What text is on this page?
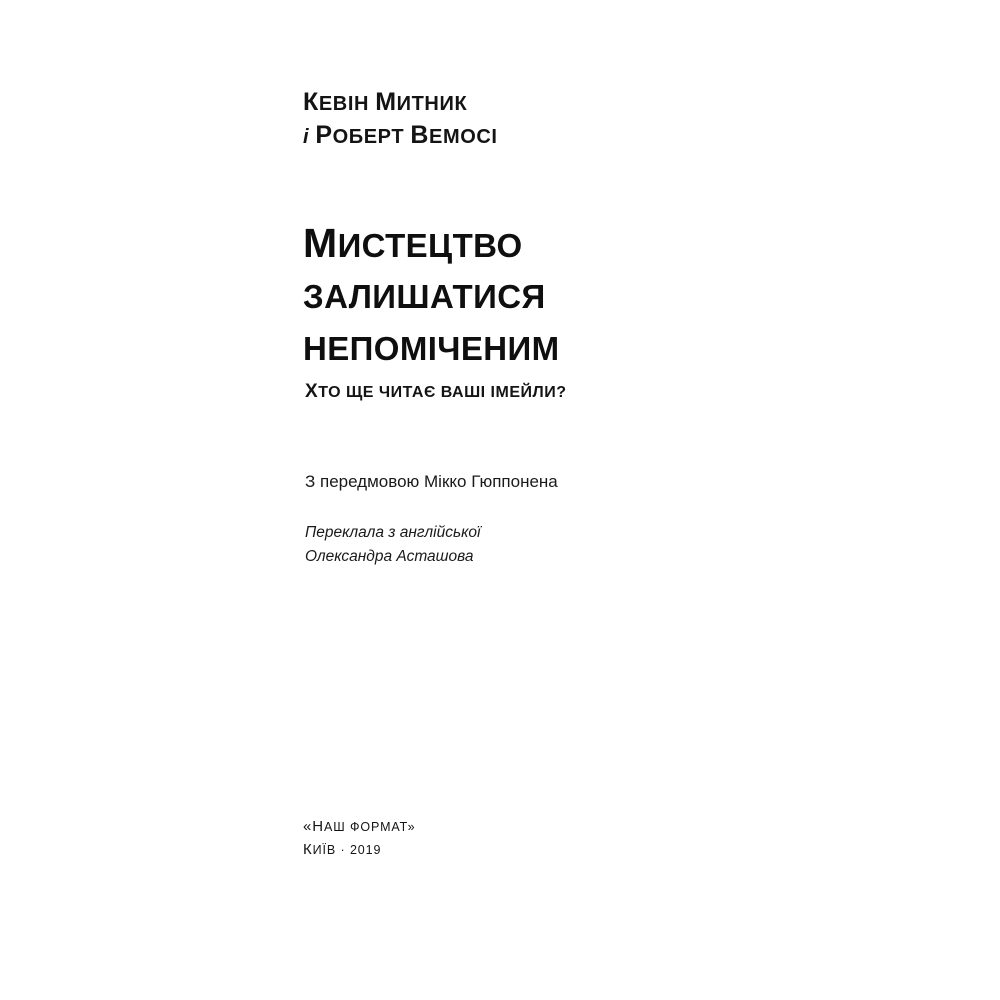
КЕВІН МИТНИК
і РОБЕРТ ВЕМОСІ
МИСТЕЦТВО
ЗАЛИШАТИСЯ
НЕПОМІЧЕНИМ
ХТО ЩЕ ЧИТАЄ ВАШІ ІМЕЙЛИ?
З передмовою Мікко Гюппонена
Переклала з англійської
Олександра Асташова
«НАШ ФОРМАТ»
КИЇВ · 2019
